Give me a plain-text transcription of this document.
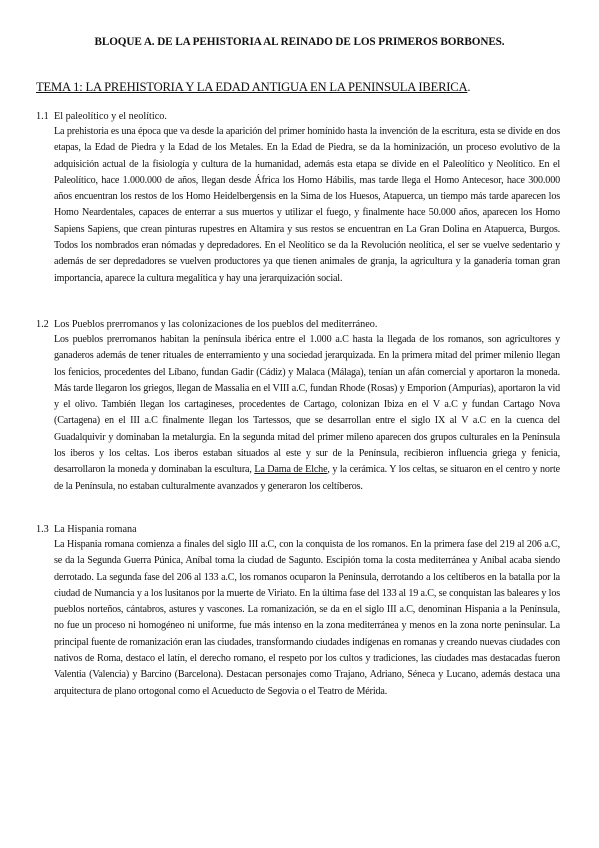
BLOQUE A. DE LA PEHISTORIA AL REINADO DE LOS PRIMEROS BORBONES.
TEMA 1: LA PREHISTORIA Y LA EDAD ANTIGUA EN LA PENINSULA IBERICA.
1.1 El paleolítico y el neolítico.
La prehistoria es una época que va desde la aparición del primer homínido hasta la invención de la escritura, esta se divide en dos etapas, la Edad de Piedra y la Edad de los Metales. En la Edad de Piedra, se da la hominización, un proceso evolutivo de la adquisición actual de la fisiología y cultura de la humanidad, además esta etapa se divide en el Paleolítico y Neolítico. En el Paleolítico, hace 1.000.000 de años, llegan desde África los Homo Hábilis, mas tarde llega el Homo Antecesor, hace 300.000 años encuentran los restos de los Homo Heidelbergensis en la Sima de los Huesos, Atapuerca, un tiempo más tarde aparecen los Homo Neardentales, capaces de enterrar a sus muertos y utilizar el fuego, y finalmente hace 50.000 años, aparecen los Homo Sapiens Sapiens, que crean pinturas rupestres en Altamira y sus restos se encuentran en La Gran Dolina en Atapuerca, Burgos. Todos los nombrados eran nómadas y depredadores. En el Neolítico se da la Revolución neolítica, el ser se vuelve sedentario y además de ser depredadores se vuelven productores ya que tienen animales de granja, la agricultura y la ganadería toman gran importancia, aparece la cultura megalítica y hay una jerarquización social.
1.2 Los Pueblos prerromanos y las colonizaciones de los pueblos del mediterráneo.
Los pueblos prerromanos habitan la península ibérica entre el 1.000 a.C hasta la llegada de los romanos, son agricultores y ganaderos además de tener rituales de enterramiento y una sociedad jerarquizada. En la primera mitad del primer milenio llegan los fenicios, procedentes del Líbano, fundan Gadir (Cádiz) y Malaca (Málaga), tenían un afán comercial y aportaron la moneda. Más tarde llegaron los griegos, llegan de Massalia en el VIII a.C, fundan Rhode (Rosas) y Emporion (Ampurias), aportaron la vid y el olivo. También llegan los cartagineses, procedentes de Cartago, colonizan Ibiza en el V a.C y fundan Cartago Nova (Cartagena) en el III a.C finalmente llegan los Tartessos, que se desarrollan entre el siglo IX al V a.C en la cuenca del Guadalquivir y dominaban la metalurgia. En la segunda mitad del primer mileno aparecen dos grupos culturales en la Península los iberos y los celtas. Los iberos estaban situados al este y sur de la Península, recibieron influencia griega y fenicia, desarrollaron la moneda y dominaban la escultura, La Dama de Elche, y la cerámica. Y los celtas, se situaron en el centro y norte de la Península, no estaban culturalmente avanzados y generaron los celtíberos.
1.3 La Hispania romana
La Hispania romana comienza a finales del siglo III a.C, con la conquista de los romanos. En la primera fase del 219 al 206 a.C, se da la Segunda Guerra Púnica, Aníbal toma la ciudad de Sagunto. Escipión toma la costa mediterránea y Aníbal acaba siendo derrotado. La segunda fase del 206 al 133 a.C, los romanos ocuparon la Península, derrotando a los celtíberos en la batalla por la ciudad de Numancia y a los lusitanos por la muerte de Viriato. En la última fase del 133 al 19 a.C, se conquistan las baleares y los pueblos norteños, cántabros, astures y vascones. La romanización, se da en el siglo III a.C, denominan Hispania a la Península, no fue un proceso ni homogéneo ni uniforme, fue más intenso en la zona mediterránea y menos en la zona norte peninsular. La principal fuente de romanización eran las ciudades, transformando ciudades indígenas en romanas y creando nuevas ciudades con nativos de Roma, destaco el latín, el derecho romano, el respeto por los cultos y tradiciones, las ciudades mas destacadas fueron Valentia (Valencia) y Barcino (Barcelona). Destacan personajes como Trajano, Adriano, Séneca y Lucano, además destaca una arquitectura de plano ortogonal como el Acueducto de Segovia o el Teatro de Mérida.
